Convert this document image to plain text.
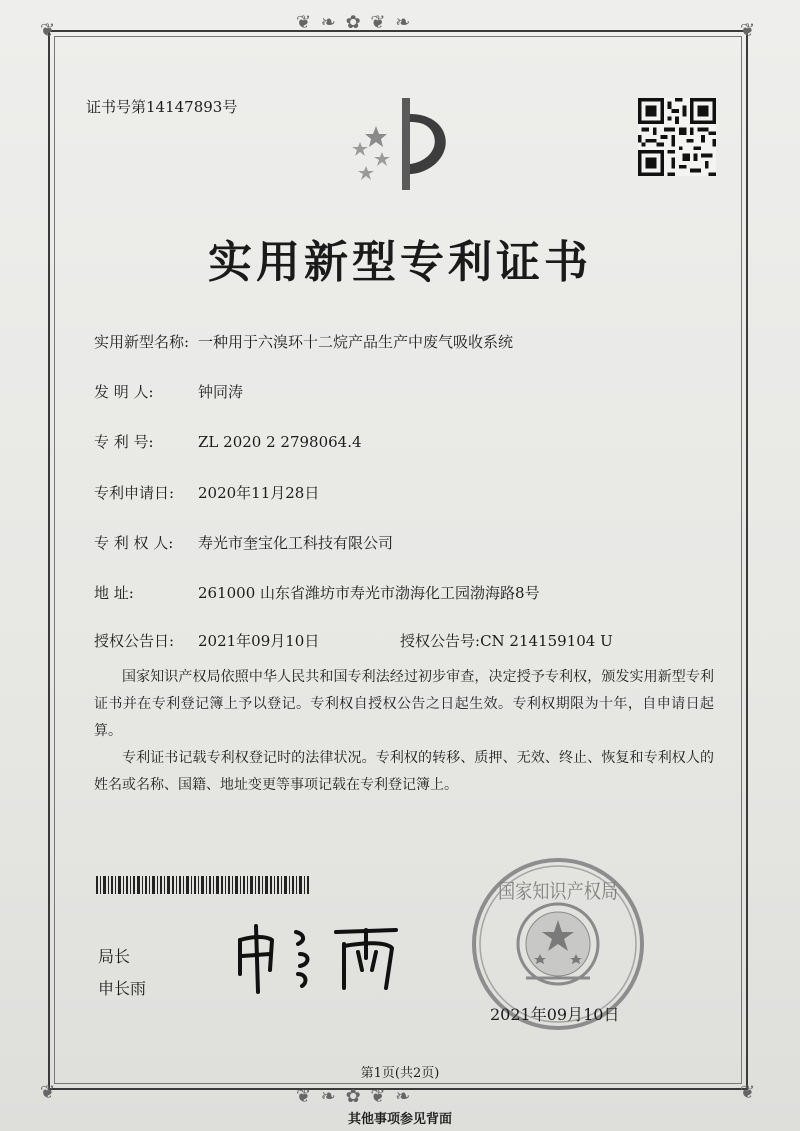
❦ ❧ ✿ ❦ ❧
❦ ❧ ✿ ❦ ❧
❦	❦
❦	❦
证书号第14147893号
实用新型专利证书
实用新型名称: 一种用于六溴环十二烷产品生产中废气吸收系统
发 明 人:	钟同涛
专 利 号:	ZL 2020 2 2798064.4
专利申请日: 2020年11月28日
专 利 权 人: 寿光市奎宝化工科技有限公司
地 址:	261000 山东省潍坊市寿光市渤海化工园渤海路8号
授权公告日: 2021年09月10日	授权公告号:CN 214159104 U
国家知识产权局依照中华人民共和国专利法经过初步审查，决定授予专利权，颁发实用新型专利证书并在专利登记簿上予以登记。专利权自授权公告之日起生效。专利权期限为十年，自申请日起算。
专利证书记载专利权登记时的法律状况。专利权的转移、质押、无效、终止、恢复和专利权人的姓名或名称、国籍、地址变更等事项记载在专利登记簿上。
局长
申长雨
国家知识产权局
2021年09月10日
第1页(共2页)
其他事项参见背面
